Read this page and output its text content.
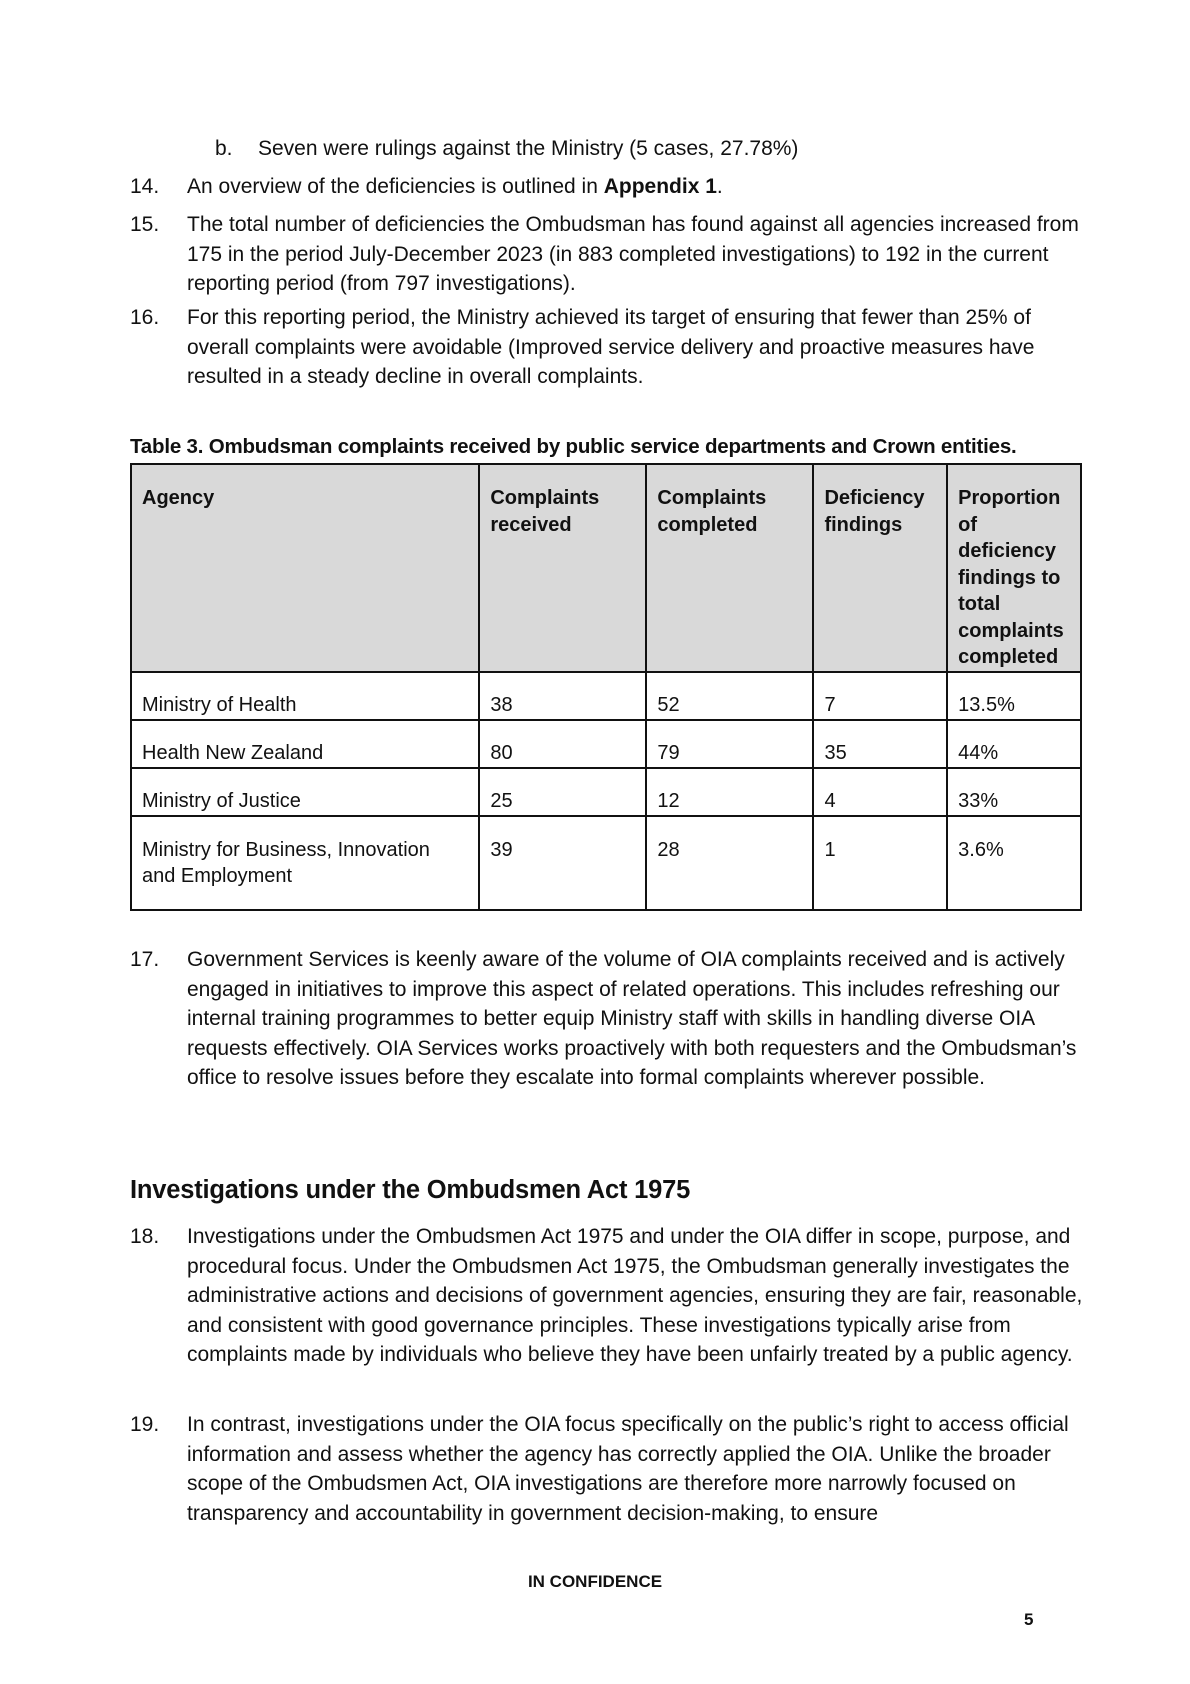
b. Seven were rulings against the Ministry (5 cases, 27.78%)
14. An overview of the deficiencies is outlined in Appendix 1.
15. The total number of deficiencies the Ombudsman has found against all agencies increased from 175 in the period July-December 2023 (in 883 completed investigations) to 192 in the current reporting period (from 797 investigations).
16. For this reporting period, the Ministry achieved its target of ensuring that fewer than 25% of overall complaints were avoidable (Improved service delivery and proactive measures have resulted in a steady decline in overall complaints.
Table 3. Ombudsman complaints received by public service departments and Crown entities.
Agency	Complaints received	Complaints completed	Deficiency findings	Proportion of deficiency findings to total complaints completed
Ministry of Health	38	52	7	13.5%
Health New Zealand	80	79	35	44%
Ministry of Justice	25	12	4	33%
Ministry for Business, Innovation and Employment	39	28	1	3.6%
17. Government Services is keenly aware of the volume of OIA complaints received and is actively engaged in initiatives to improve this aspect of related operations. This includes refreshing our internal training programmes to better equip Ministry staff with skills in handling diverse OIA requests effectively. OIA Services works proactively with both requesters and the Ombudsman’s office to resolve issues before they escalate into formal complaints wherever possible.
Investigations under the Ombudsmen Act 1975
18. Investigations under the Ombudsmen Act 1975 and under the OIA differ in scope, purpose, and procedural focus. Under the Ombudsmen Act 1975, the Ombudsman generally investigates the administrative actions and decisions of government agencies, ensuring they are fair, reasonable, and consistent with good governance principles. These investigations typically arise from complaints made by individuals who believe they have been unfairly treated by a public agency.
19. In contrast, investigations under the OIA focus specifically on the public’s right to access official information and assess whether the agency has correctly applied the OIA. Unlike the broader scope of the Ombudsmen Act, OIA investigations are therefore more narrowly focused on transparency and accountability in government decision-making, to ensure
IN CONFIDENCE
5
